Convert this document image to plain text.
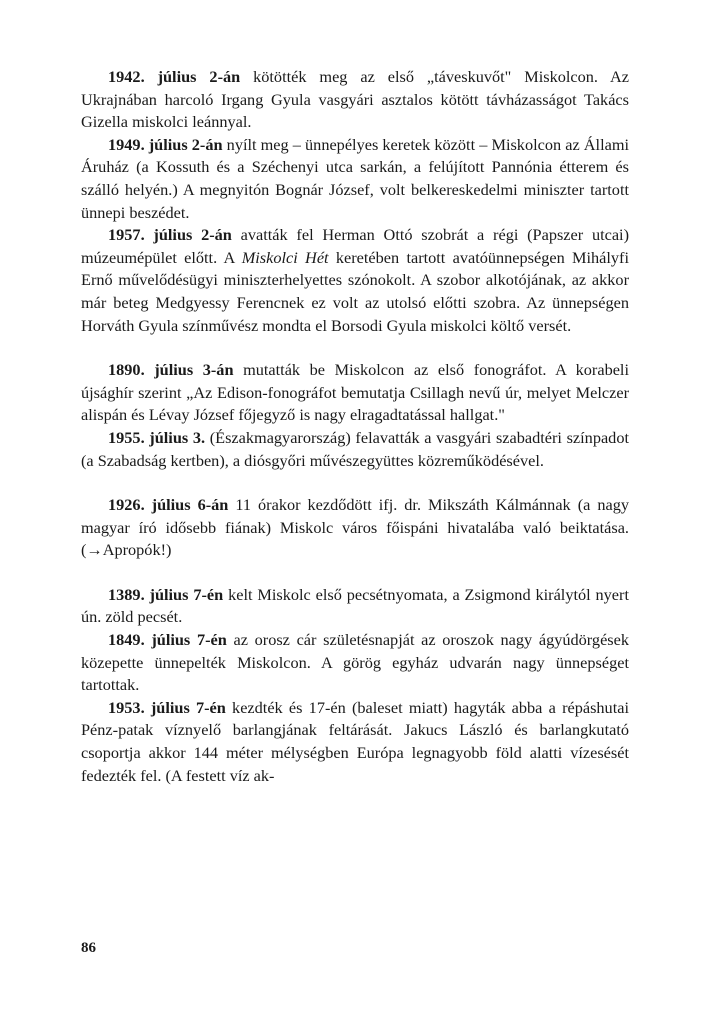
1942. július 2-án kötötték meg az első „táveskuvőt" Miskolcon. Az Ukrajnában harcoló Irgang Gyula vasgyári asztalos kötött távházasságot Takács Gizella miskolci leánnyal.

1949. július 2-án nyílt meg – ünnepélyes keretek között – Miskolcon az Állami Áruház (a Kossuth és a Széchenyi utca sarkán, a felújított Pannónia étterem és szálló helyén.) A megnyitón Bognár József, volt belkereskedelmi miniszter tartott ünnepi beszédet.

1957. július 2-án avatták fel Herman Ottó szobrát a régi (Papszer utcai) múzeumépület előtt. A Miskolci Hét keretében tartott avatóünnepségen Mihályfi Ernő művelődésügyi miniszterhelyettes szónokolt. A szobor alkotójának, az akkor már beteg Medgyessy Ferencnek ez volt az utolsó előtti szobra. Az ünnepségen Horváth Gyula színművész mondta el Borsodi Gyula miskolci költő versét.

1890. július 3-án mutatták be Miskolcon az első fonográfot. A korabeli újsághír szerint „Az Edison-fonográfot bemutatja Csillagh nevű úr, melyet Melczer alispán és Lévay József főjegyző is nagy elragadtatással hallgat."

1955. július 3. (Északmagyarország) felavatták a vasgyári szabadtéri színpadot (a Szabadság kertben), a diósgyőri művészegyüttes közreműködésével.

1926. július 6-án 11 órakor kezdődött ifj. dr. Mikszáth Kálmánnak (a nagy magyar író idősebb fiának) Miskolc város főispáni hivatalába való beiktatása. (→Apropók!)

1389. július 7-én kelt Miskolc első pecsétnyomata, a Zsigmond királytól nyert ún. zöld pecsét.

1849. július 7-én az orosz cár születésnapját az oroszok nagy ágyúdörgések közepette ünnepelték Miskolcon. A görög egyház udvarán nagy ünnepséget tartottak.

1953. július 7-én kezdték és 17-én (baleset miatt) hagyták abba a répáshutai Pénz-patak víznyelő barlangjának feltárását. Jakucs László és barlangkutató csoportja akkor 144 méter mélységben Európa legnagyobb föld alatti vízesését fedezték fel. (A festett víz ak-

86
